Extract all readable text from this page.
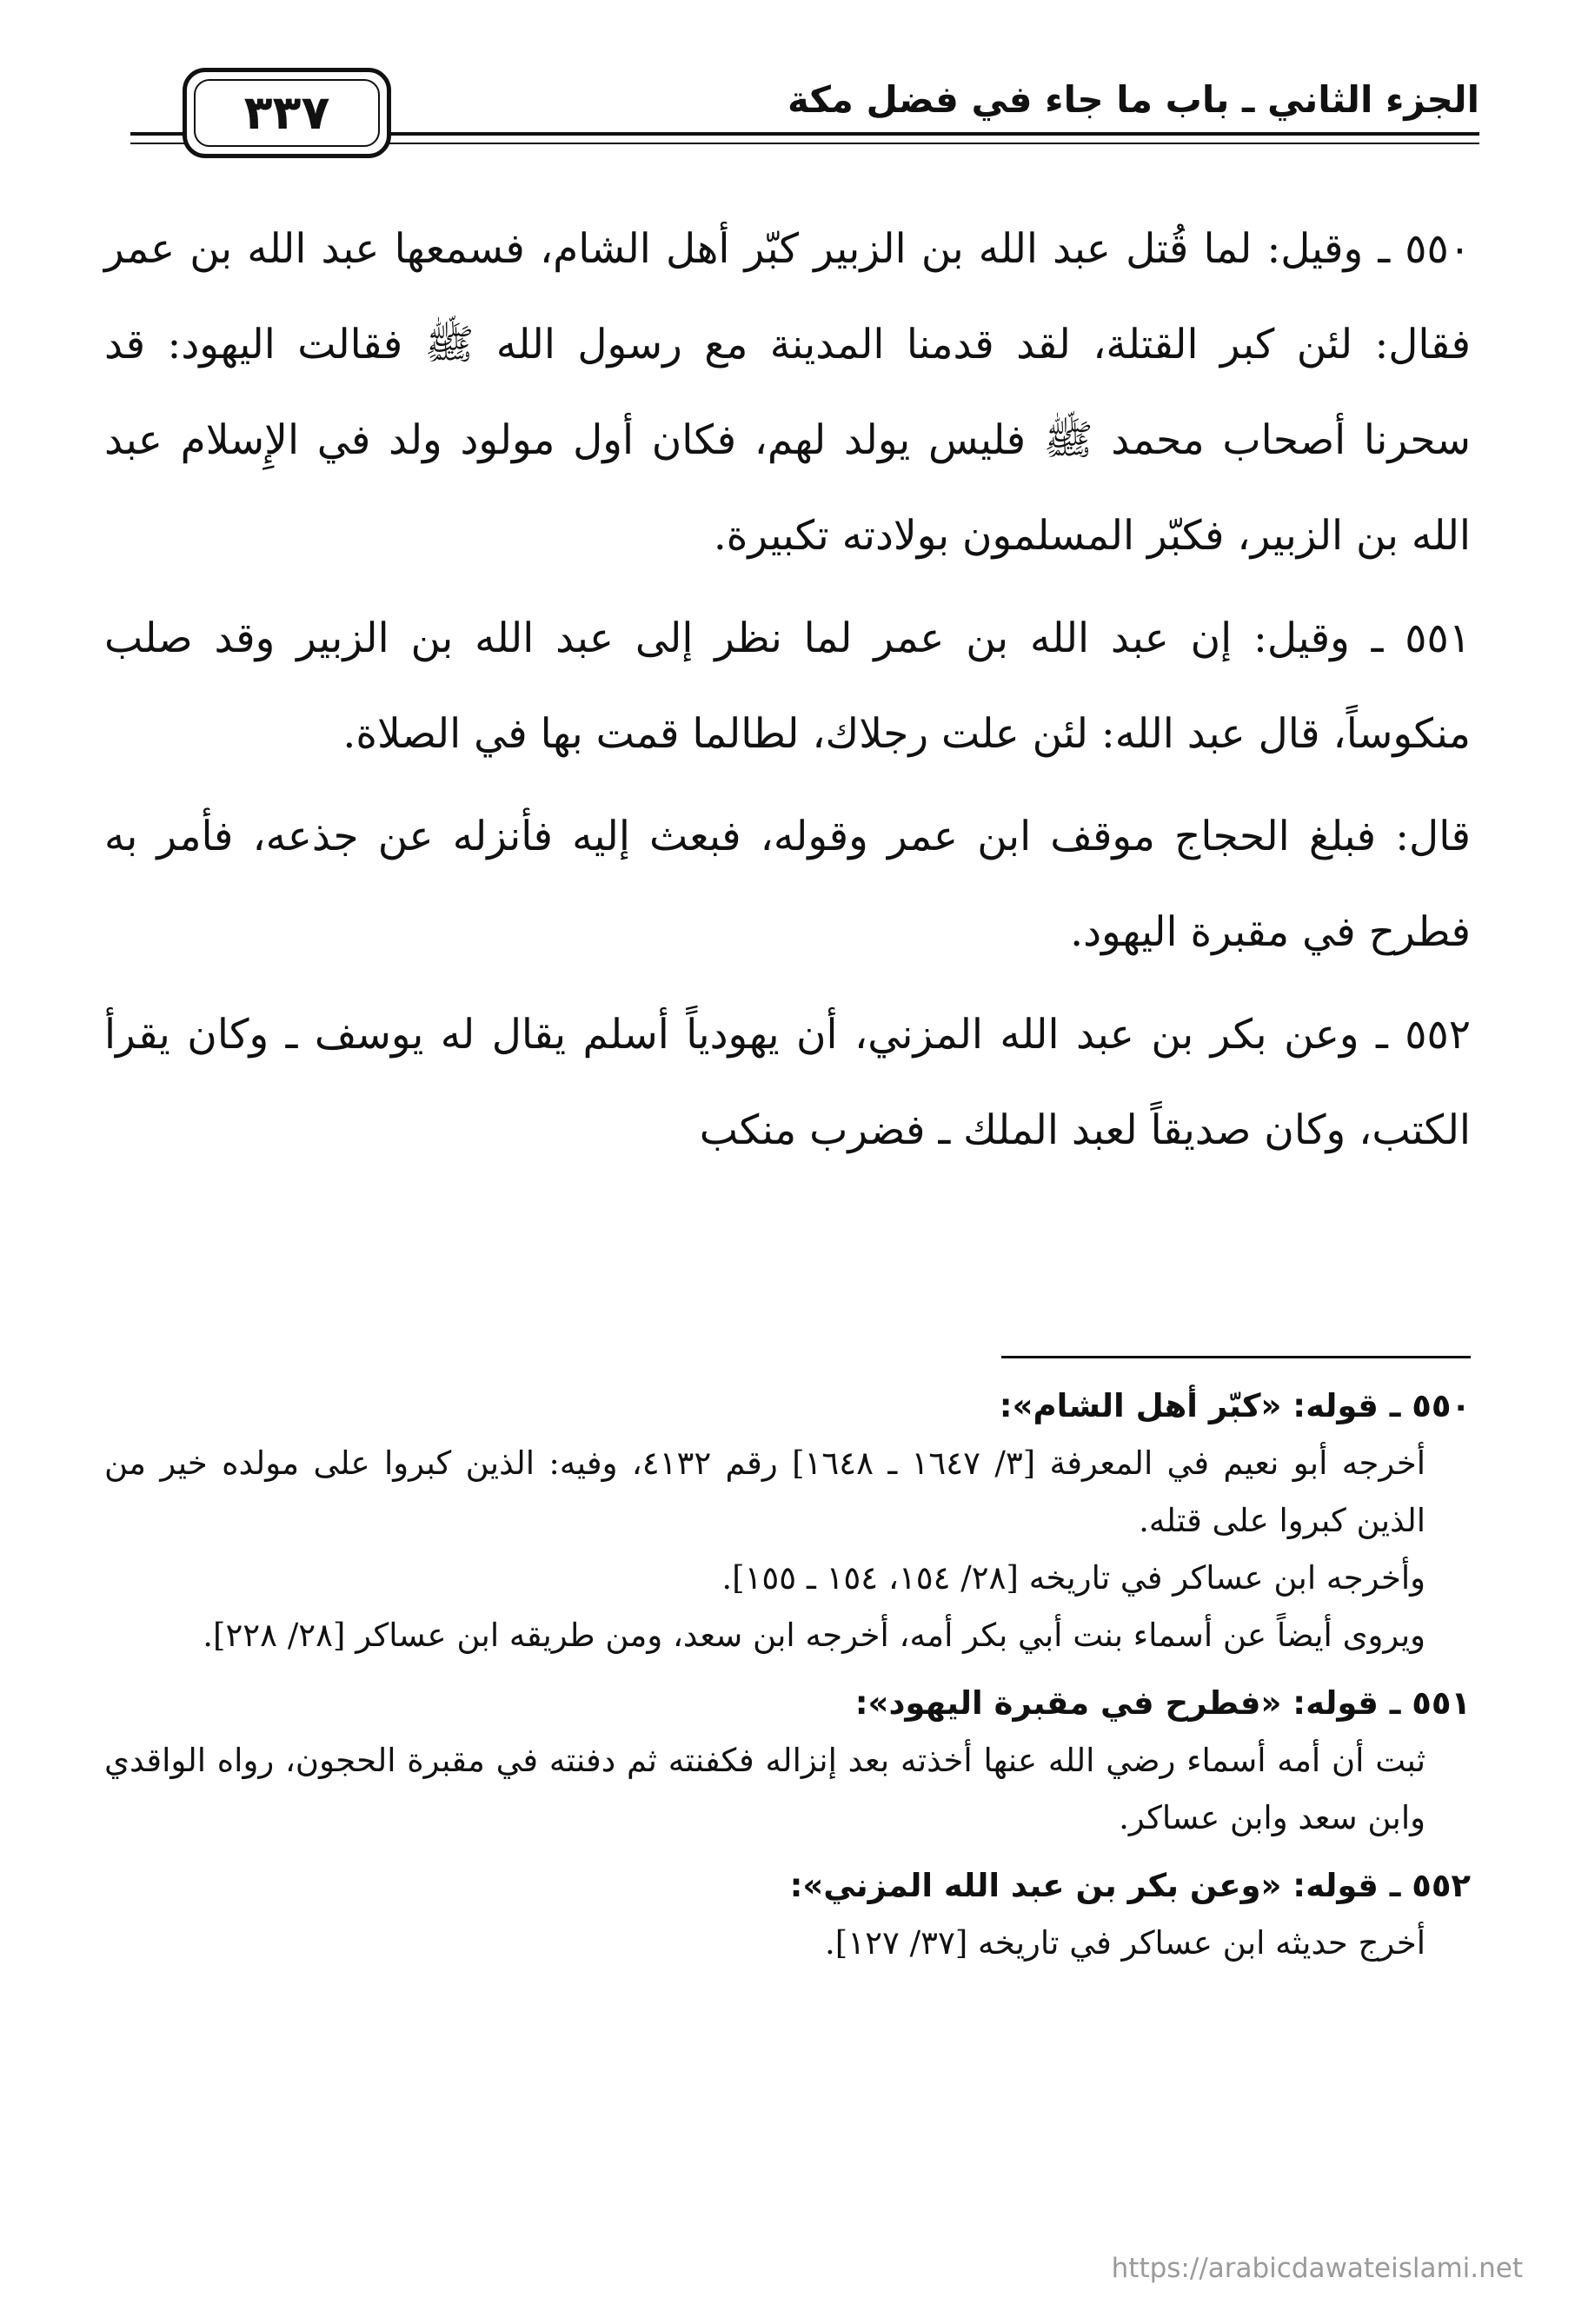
الجزء الثاني ـ باب ما جاء في فضل مكة
٣٣٧

٥٥٠ ـ وقيل: لما قُتل عبد الله بن الزبير كبّر أهل الشام، فسمعها عبد الله بن عمر فقال: لئن كبر القتلة، لقد قدمنا المدينة مع رسول الله ﷺ فقالت اليهود: قد سحرنا أصحاب محمد ﷺ فليس يولد لهم، فكان أول مولود ولد في الإِسلام عبد الله بن الزبير، فكبّر المسلمون بولادته تكبيرة.

٥٥١ ـ وقيل: إن عبد الله بن عمر لما نظر إلى عبد الله بن الزبير وقد صلب منكوساً، قال عبد الله: لئن علت رجلاك، لطالما قمت بها في الصلاة.

قال: فبلغ الحجاج موقف ابن عمر وقوله، فبعث إليه فأنزله عن جذعه، فأمر به فطرح في مقبرة اليهود.

٥٥٢ ـ وعن بكر بن عبد الله المزني، أن يهودياً أسلم يقال له يوسف ـ وكان يقرأ الكتب، وكان صديقاً لعبد الملك ـ فضرب منكب

٥٥٠ ـ قوله: «كبّر أهل الشام»:
أخرجه أبو نعيم في المعرفة [٣/ ١٦٤٧ ـ ١٦٤٨] رقم ٤١٣٢، وفيه: الذين كبروا على مولده خير من الذين كبروا على قتله.
وأخرجه ابن عساكر في تاريخه [٢٨/ ١٥٤، ١٥٤ ـ ١٥٥].
ويروى أيضاً عن أسماء بنت أبي بكر أمه، أخرجه ابن سعد، ومن طريقه ابن عساكر [٢٨/ ٢٢٨].
٥٥١ ـ قوله: «فطرح في مقبرة اليهود»:
ثبت أن أمه أسماء رضي الله عنها أخذته بعد إنزاله فكفنته ثم دفنته في مقبرة الحجون، رواه الواقدي وابن سعد وابن عساكر.
٥٥٢ ـ قوله: «وعن بكر بن عبد الله المزني»:
أخرج حديثه ابن عساكر في تاريخه [٣٧/ ١٢٧].
https://arabicdawateislami.net
